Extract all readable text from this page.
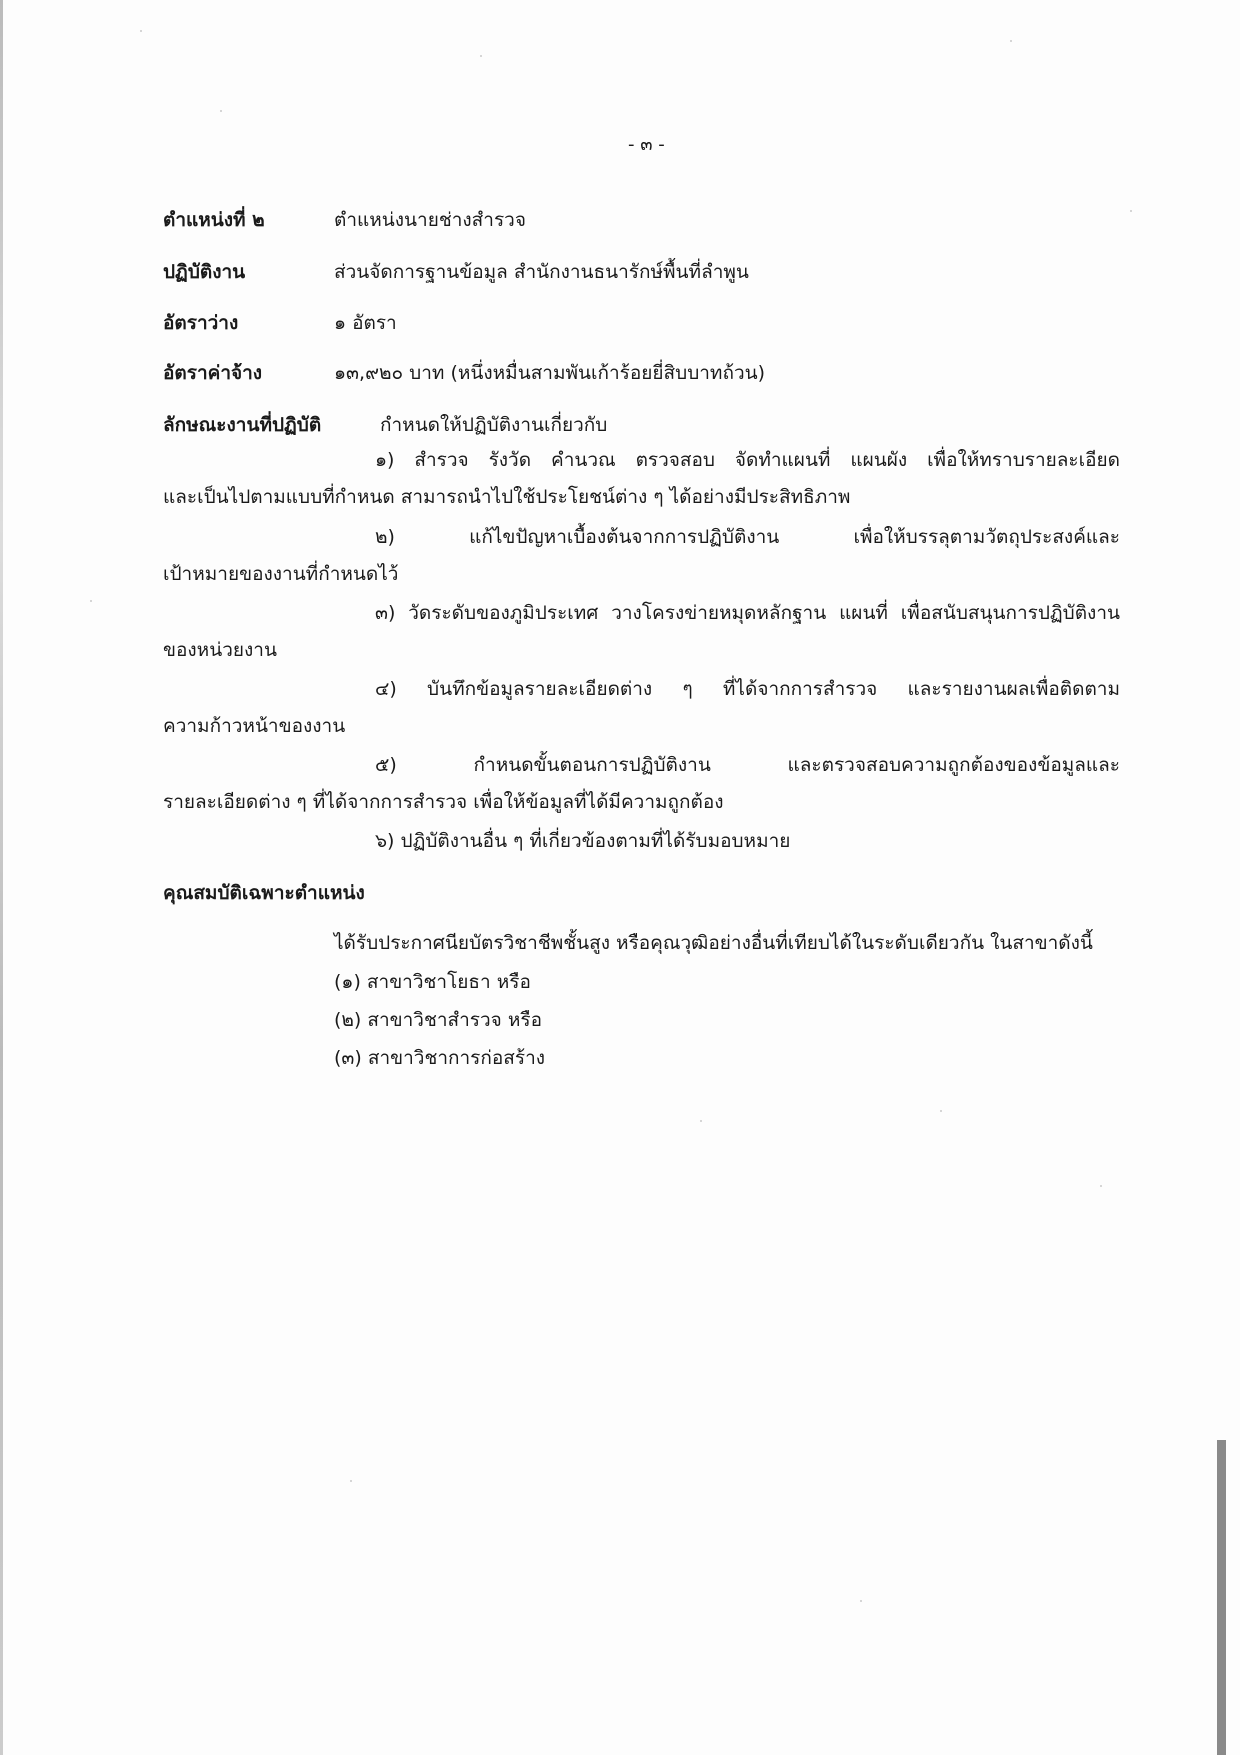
- ๓ -
ตำแหน่งที่ ๒	ตำแหน่งนายช่างสำรวจ
ปฏิบัติงาน	ส่วนจัดการฐานข้อมูล สำนักงานธนารักษ์พื้นที่ลำพูน
อัตราว่าง	๑ อัตรา
อัตราค่าจ้าง	๑๓,๙๒๐ บาท (หนึ่งหมื่นสามพันเก้าร้อยยี่สิบบาทถ้วน)
ลักษณะงานที่ปฏิบัติ	กำหนดให้ปฏิบัติงานเกี่ยวกับ
๑) สำรวจ รังวัด คำนวณ ตรวจสอบ จัดทำแผนที่ แผนผัง เพื่อให้ทราบรายละเอียด
และเป็นไปตามแบบที่กำหนด สามารถนำไปใช้ประโยชน์ต่าง ๆ ได้อย่างมีประสิทธิภาพ
๒) แก้ไขปัญหาเบื้องต้นจากการปฏิบัติงาน เพื่อให้บรรลุตามวัตถุประสงค์และ
เป้าหมายของงานที่กำหนดไว้
๓) วัดระดับของภูมิประเทศ วางโครงข่ายหมุดหลักฐาน แผนที่ เพื่อสนับสนุนการปฏิบัติงาน
ของหน่วยงาน
๔) บันทึกข้อมูลรายละเอียดต่าง ๆ ที่ได้จากการสำรวจ และรายงานผลเพื่อติดตาม
ความก้าวหน้าของงาน
๕) กำหนดขั้นตอนการปฏิบัติงาน และตรวจสอบความถูกต้องของข้อมูลและ
รายละเอียดต่าง ๆ ที่ได้จากการสำรวจ เพื่อให้ข้อมูลที่ได้มีความถูกต้อง
๖) ปฏิบัติงานอื่น ๆ ที่เกี่ยวข้องตามที่ได้รับมอบหมาย
คุณสมบัติเฉพาะตำแหน่ง
ได้รับประกาศนียบัตรวิชาชีพชั้นสูง หรือคุณวุฒิอย่างอื่นที่เทียบได้ในระดับเดียวกัน ในสาขาดังนี้
(๑) สาขาวิชาโยธา หรือ
(๒) สาขาวิชาสำรวจ หรือ
(๓) สาขาวิชาการก่อสร้าง
